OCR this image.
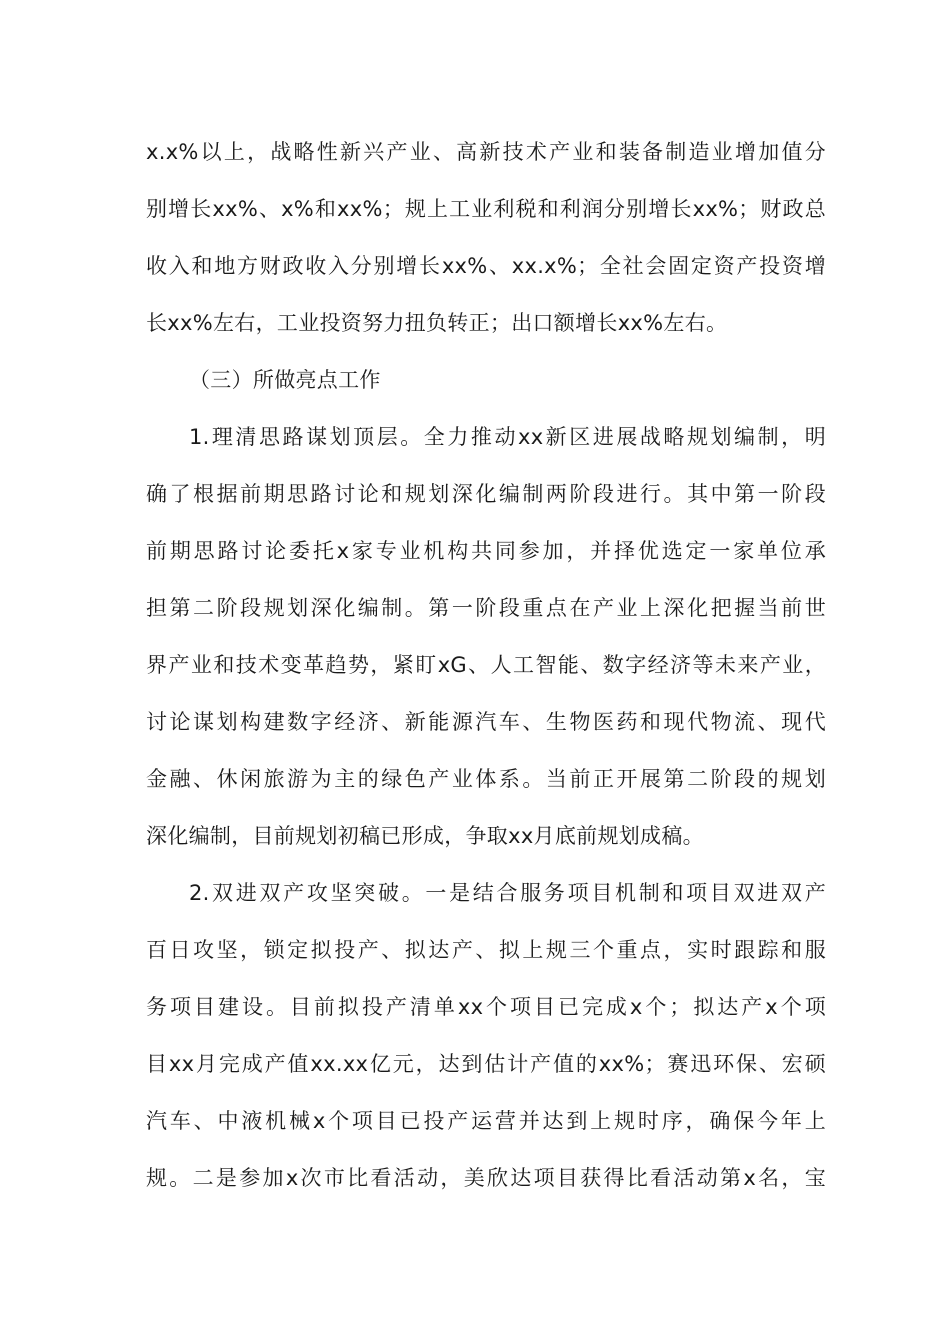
x.x%以上，战略性新兴产业、高新技术产业和装备制造业增加值分
别增长xx%、x%和xx%；规上工业利税和利润分别增长xx%；财政总
收入和地方财政收入分别增长xx%、xx.x%；全社会固定资产投资增
长xx%左右，工业投资努力扭负转正；出口额增长xx%左右。
（三）所做亮点工作
1.理清思路谋划顶层。全力推动xx新区进展战略规划编制，明
确了根据前期思路讨论和规划深化编制两阶段进行。其中第一阶段
前期思路讨论委托x家专业机构共同参加，并择优选定一家单位承
担第二阶段规划深化编制。第一阶段重点在产业上深化把握当前世
界产业和技术变革趋势，紧盯xG、人工智能、数字经济等未来产业，
讨论谋划构建数字经济、新能源汽车、生物医药和现代物流、现代
金融、休闲旅游为主的绿色产业体系。当前正开展第二阶段的规划
深化编制，目前规划初稿已形成，争取xx月底前规划成稿。
2.双进双产攻坚突破。一是结合服务项目机制和项目双进双产
百日攻坚，锁定拟投产、拟达产、拟上规三个重点，实时跟踪和服
务项目建设。目前拟投产清单xx个项目已完成x个；拟达产x个项
目xx月完成产值xx.xx亿元，达到估计产值的xx%；赛迅环保、宏硕
汽车、中液机械x个项目已投产运营并达到上规时序，确保今年上
规。二是参加x次市比看活动，美欣达项目获得比看活动第x名，宝
